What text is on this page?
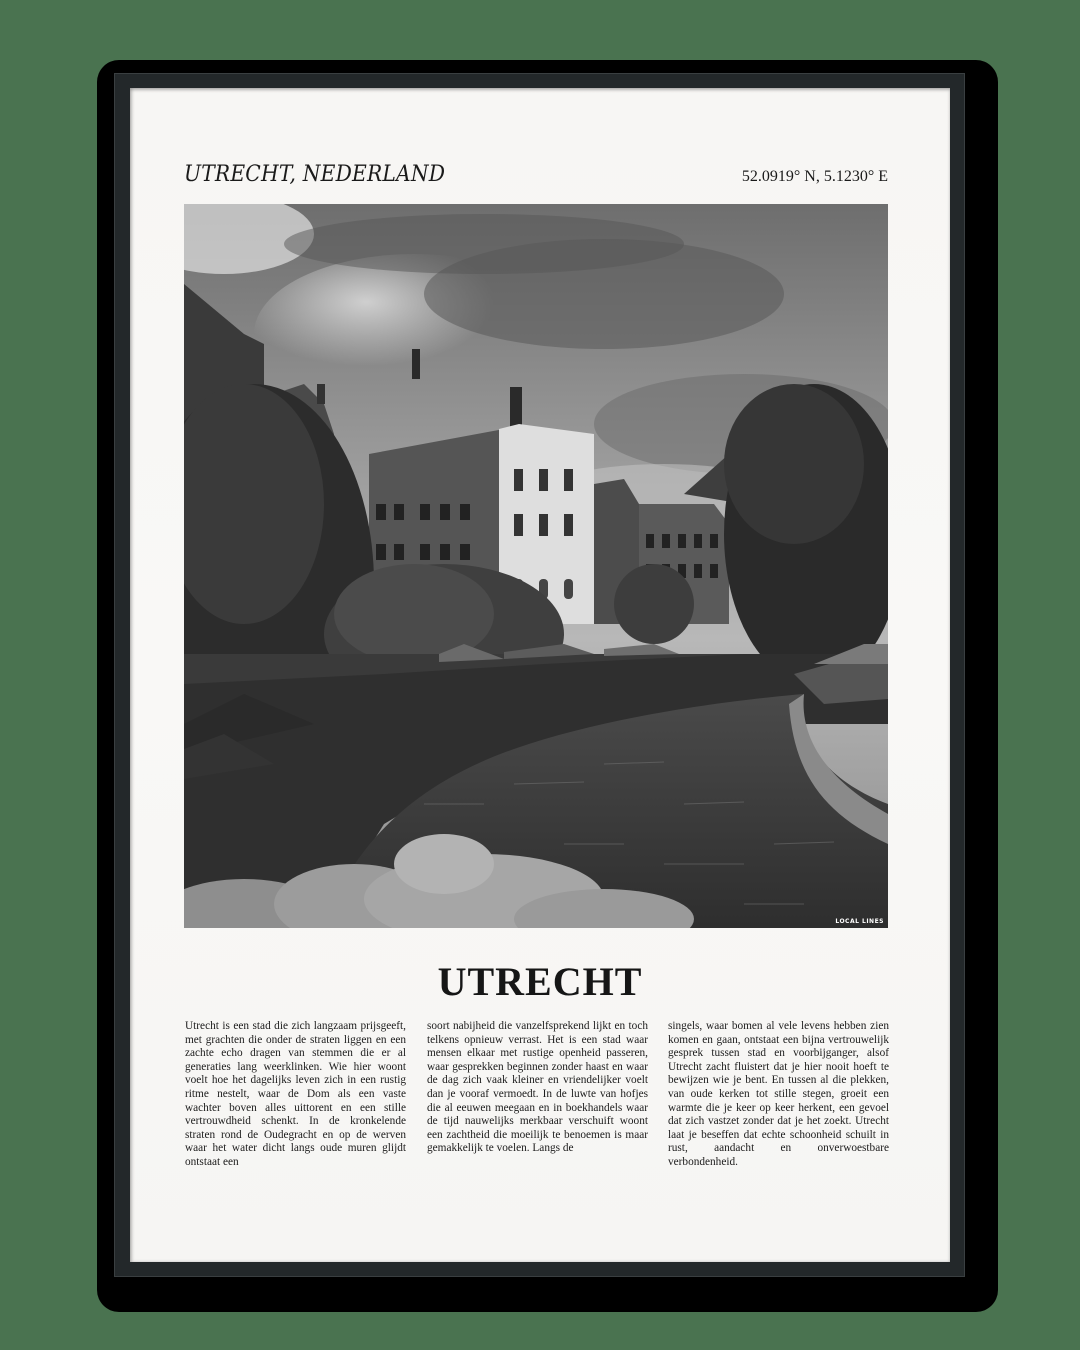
UTRECHT, NEDERLAND	52.0919° N, 5.1230° E
LOCAL LINES
UTRECHT
Utrecht is een stad die zich langzaam prijsgeeft, met grachten die onder de straten liggen en een zachte echo dragen van stemmen die er al generaties lang weerklinken. Wie hier woont voelt hoe het dagelijks leven zich in een rustig ritme nestelt, waar de Dom als een vaste wachter boven alles uittorent en een stille vertrouwdheid schenkt. In de kronkelende straten rond de Oudegracht en op de werven waar het water dicht langs oude muren glijdt ontstaat een
soort nabijheid die vanzelfsprekend lijkt en toch telkens opnieuw verrast. Het is een stad waar mensen elkaar met rustige openheid passeren, waar gesprekken beginnen zonder haast en waar de dag zich vaak kleiner en vriendelijker voelt dan je vooraf vermoedt. In de luwte van hofjes die al eeuwen meegaan en in boekhandels waar de tijd nauwelijks merkbaar verschuift woont een zachtheid die moeilijk te benoemen is maar gemakkelijk te voelen. Langs de
singels, waar bomen al vele levens hebben zien komen en gaan, ontstaat een bijna vertrouwelijk gesprek tussen stad en voorbijganger, alsof Utrecht zacht fluistert dat je hier nooit hoeft te bewijzen wie je bent. En tussen al die plekken, van oude kerken tot stille stegen, groeit een warmte die je keer op keer herkent, een gevoel dat zich vastzet zonder dat je het zoekt. Utrecht laat je beseffen dat echte schoonheid schuilt in rust, aandacht en onverwoestbare verbondenheid.
